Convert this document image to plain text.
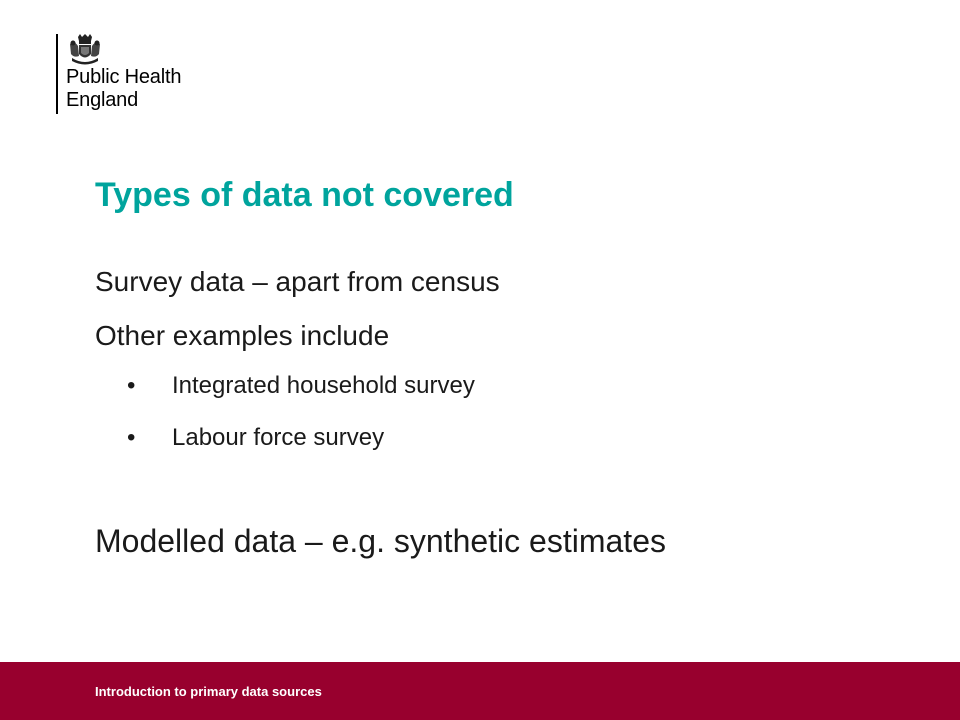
Public Health
England
Types of data not covered
Survey data – apart from census
Other examples include
• Integrated household survey
• Labour force survey
Modelled data – e.g. synthetic estimates
Introduction to primary data sources
